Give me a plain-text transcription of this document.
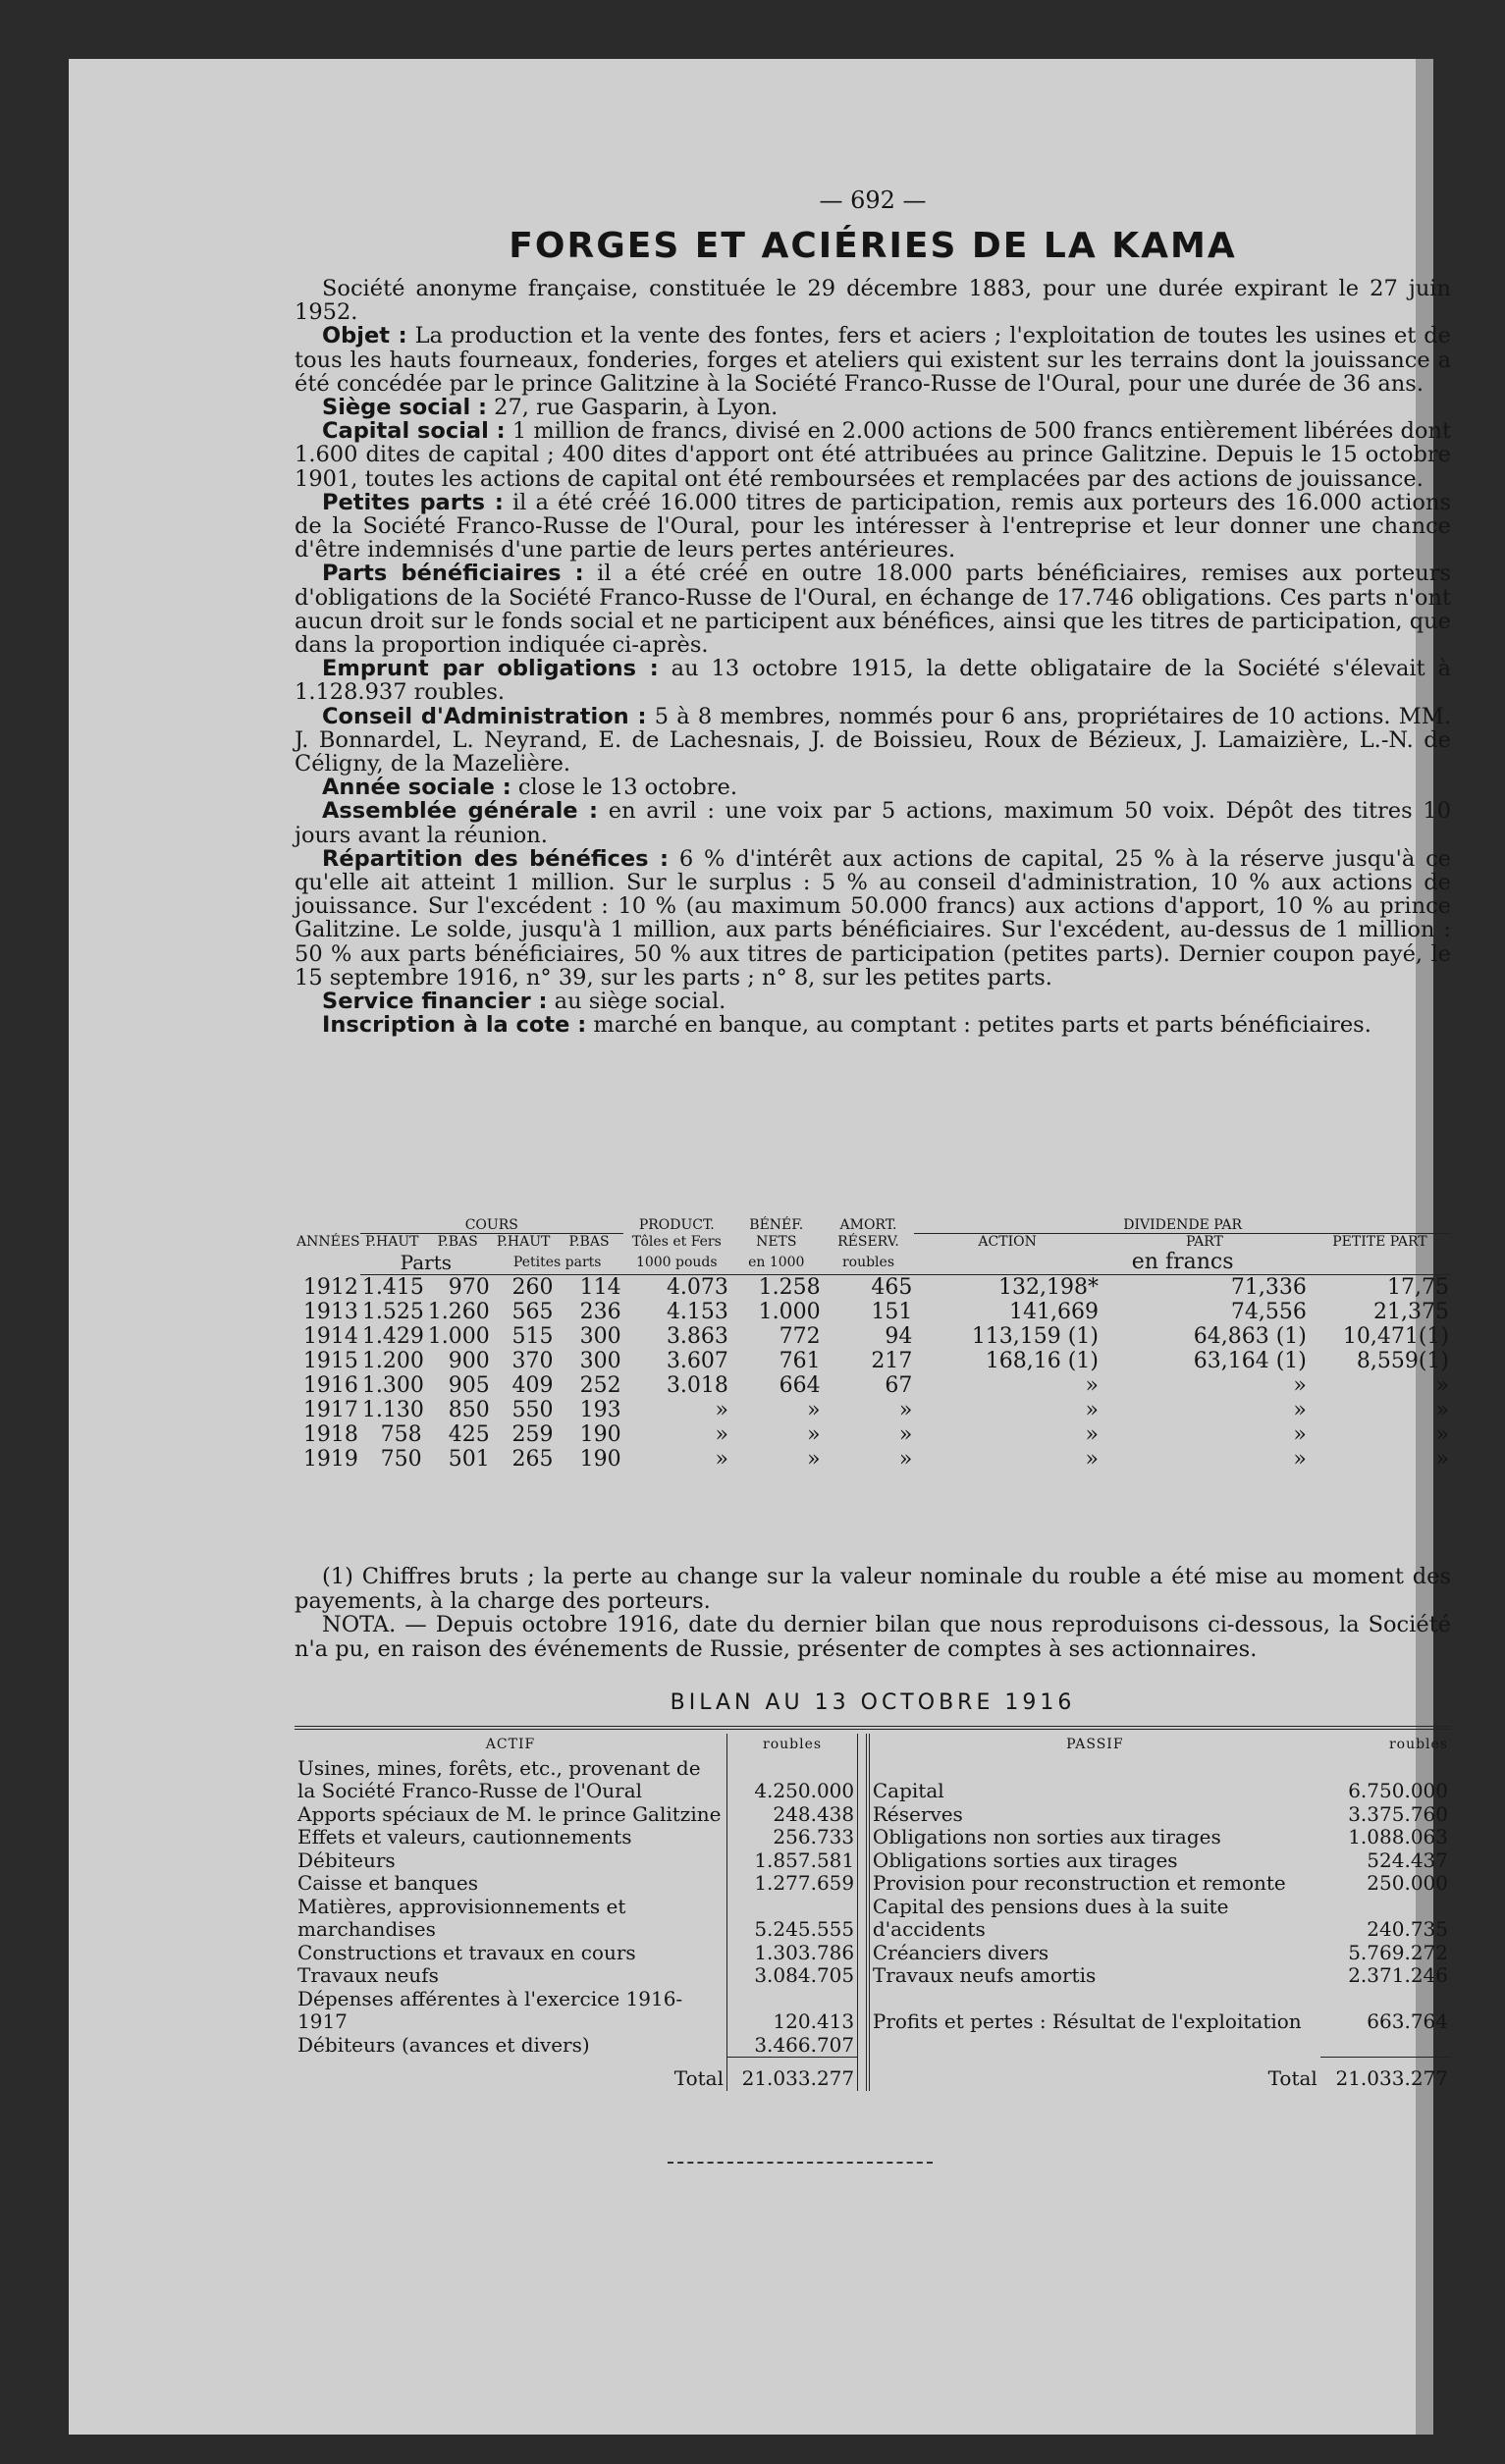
— 692 —
FORGES ET ACIÉRIES DE LA KAMA

Société anonyme française, constituée le 29 décembre 1883, pour une durée expirant le 27 juin 1952.

Objet : La production et la vente des fontes, fers et aciers ; l'exploitation de toutes les usines et de tous les hauts fourneaux, fonderies, forges et ateliers qui existent sur les terrains dont la jouissance a été concédée par le prince Galitzine à la Société Franco-Russe de l'Oural, pour une durée de 36 ans.

Siège social : 27, rue Gasparin, à Lyon.

Capital social : 1 million de francs, divisé en 2.000 actions de 500 francs entièrement libérées dont 1.600 dites de capital ; 400 dites d'apport ont été attribuées au prince Galitzine. Depuis le 15 octobre 1901, toutes les actions de capital ont été remboursées et remplacées par des actions de jouissance.

Petites parts : il a été créé 16.000 titres de participation, remis aux porteurs des 16.000 actions de la Société Franco-Russe de l'Oural, pour les intéresser à l'entreprise et leur donner une chance d'être indemnisés d'une partie de leurs pertes antérieures.

Parts bénéficiaires : il a été créé en outre 18.000 parts bénéficiaires, remises aux porteurs d'obligations de la Société Franco-Russe de l'Oural, en échange de 17.746 obligations. Ces parts n'ont aucun droit sur le fonds social et ne participent aux bénéfices, ainsi que les titres de participation, que dans la proportion indiquée ci-après.

Emprunt par obligations : au 13 octobre 1915, la dette obligataire de la Société s'élevait à 1.128.937 roubles.

Conseil d'Administration : 5 à 8 membres, nommés pour 6 ans, propriétaires de 10 actions. MM. J. Bonnardel, L. Neyrand, E. de Lachesnais, J. de Boissieu, Roux de Bézieux, J. Lamaizière, L.-N. de Céligny, de la Mazelière.

Année sociale : close le 13 octobre.

Assemblée générale : en avril : une voix par 5 actions, maximum 50 voix. Dépôt des titres 10 jours avant la réunion.

Répartition des bénéfices : 6 % d'intérêt aux actions de capital, 25 % à la réserve jusqu'à ce qu'elle ait atteint 1 million. Sur le surplus : 5 % au conseil d'administration, 10 % aux actions de jouissance. Sur l'excédent : 10 % (au maximum 50.000 francs) aux actions d'apport, 10 % au prince Galitzine. Le solde, jusqu'à 1 million, aux parts bénéficiaires. Sur l'excédent, au-dessus de 1 million : 50 % aux parts bénéficiaires, 50 % aux titres de participation (petites parts). Dernier coupon payé, le 15 septembre 1916, n° 39, sur les parts ; n° 8, sur les petites parts.

Service financier : au siège social.

Inscription à la cote : marché en banque, au comptant : petites parts et parts bénéficiaires.

	COURS				PRODUCT.	BÉNÉF.	AMORT.	DIVIDENDE PAR		
ANNÉES	P.HAUT	P.BAS	P.HAUT	P.BAS	Tôles et Fers	NETS	RÉSERV.	ACTION	PART	PETITE PART
	Parts		Petites parts		1000 pouds	en 1000	roubles	en francs		
1912	1.415	970	260	114	4.073	1.258	465	132,198*	71,336	17,75
1913	1.525	1.260	565	236	4.153	1.000	151	141,669	74,556	21,375
1914	1.429	1.000	515	300	3.863	772	94	113,159 (1)	64,863 (1)	10,471(1)
1915	1.200	900	370	300	3.607	761	217	168,16 (1)	63,164 (1)	8,559(1)
1916	1.300	905	409	252	3.018	664	67	»	»	»
1917	1.130	850	550	193	»	»	»	»	»	»
1918	758	425	259	190	»	»	»	»	»	»
1919	750	501	265	190	»	»	»	»	»	»

(1) Chiffres bruts ; la perte au change sur la valeur nominale du rouble a été mise au moment des payements, à la charge des porteurs.

NOTA. — Depuis octobre 1916, date du dernier bilan que nous reproduisons ci-dessous, la Société n'a pu, en raison des événements de Russie, présenter de comptes à ses actionnaires.

BILAN AU 13 OCTOBRE 1916
ACTIF	roubles		PASSIF	roubles
Usines, mines, forêts, etc., provenant de la Société Franco-Russe de l'Oural	4.250.000		Capital	6.750.000
Apports spéciaux de M. le prince Galitzine	248.438		Réserves	3.375.760
Effets et valeurs, cautionnements	256.733		Obligations non sorties aux tirages	1.088.063
Débiteurs	1.857.581		Obligations sorties aux tirages	524.437
Caisse et banques	1.277.659		Provision pour reconstruction et remonte	250.000
Matières, approvisionnements et marchandises	5.245.555		Capital des pensions dues à la suite d'accidents	240.735
Constructions et travaux en cours	1.303.786		Créanciers divers	5.769.272
Travaux neufs	3.084.705		Travaux neufs amortis	2.371.246
Dépenses afférentes à l'exercice 1916-1917	120.413		Profits et pertes : Résultat de l'exploitation	663.764
Débiteurs (avances et divers)	3.466.707			
Total	21.033.277		Total	21.033.277
